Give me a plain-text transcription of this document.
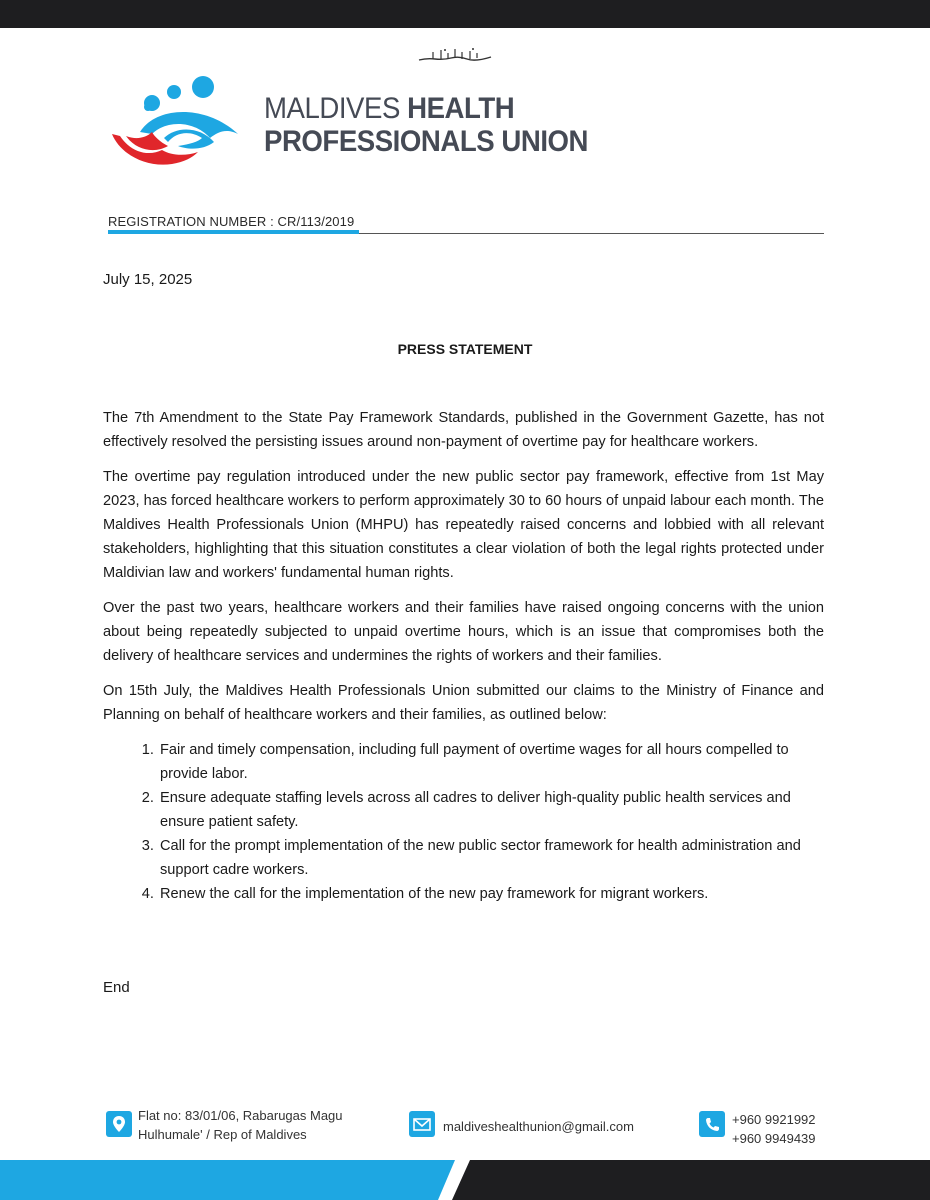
MALDIVES HEALTH
PROFESSIONALS UNION
REGISTRATION NUMBER : CR/113/2019
July 15, 2025
PRESS STATEMENT

The 7th Amendment to the State Pay Framework Standards, published in the Government Gazette, has not effectively resolved the persisting issues around non-payment of overtime pay for healthcare workers.

The overtime pay regulation introduced under the new public sector pay framework, effective from 1st May 2023, has forced healthcare workers to perform approximately 30 to 60 hours of unpaid labour each month. The Maldives Health Professionals Union (MHPU) has repeatedly raised concerns and lobbied with all relevant stakeholders, highlighting that this situation constitutes a clear violation of both the legal rights protected under Maldivian law and workers' fundamental human rights.

Over the past two years, healthcare workers and their families have raised ongoing concerns with the union about being repeatedly subjected to unpaid overtime hours, which is an issue that compromises both the delivery of healthcare services and undermines the rights of workers and their families.

On 15th July, the Maldives Health Professionals Union submitted our claims to the Ministry of Finance and Planning on behalf of healthcare workers and their families, as outlined below:

1. Fair and timely compensation, including full payment of overtime wages for all hours compelled to provide labor.
2. Ensure adequate staffing levels across all cadres to deliver high-quality public health services and ensure patient safety.
3. Call for the prompt implementation of the new public sector framework for health administration and support cadre workers.
4. Renew the call for the implementation of the new pay framework for migrant workers.
End
Flat no: 83/01/06, Rabarugas Magu
Hulhumale' / Rep of Maldives
maldiveshealthunion@gmail.com	+960 9921992
+960 9949439
